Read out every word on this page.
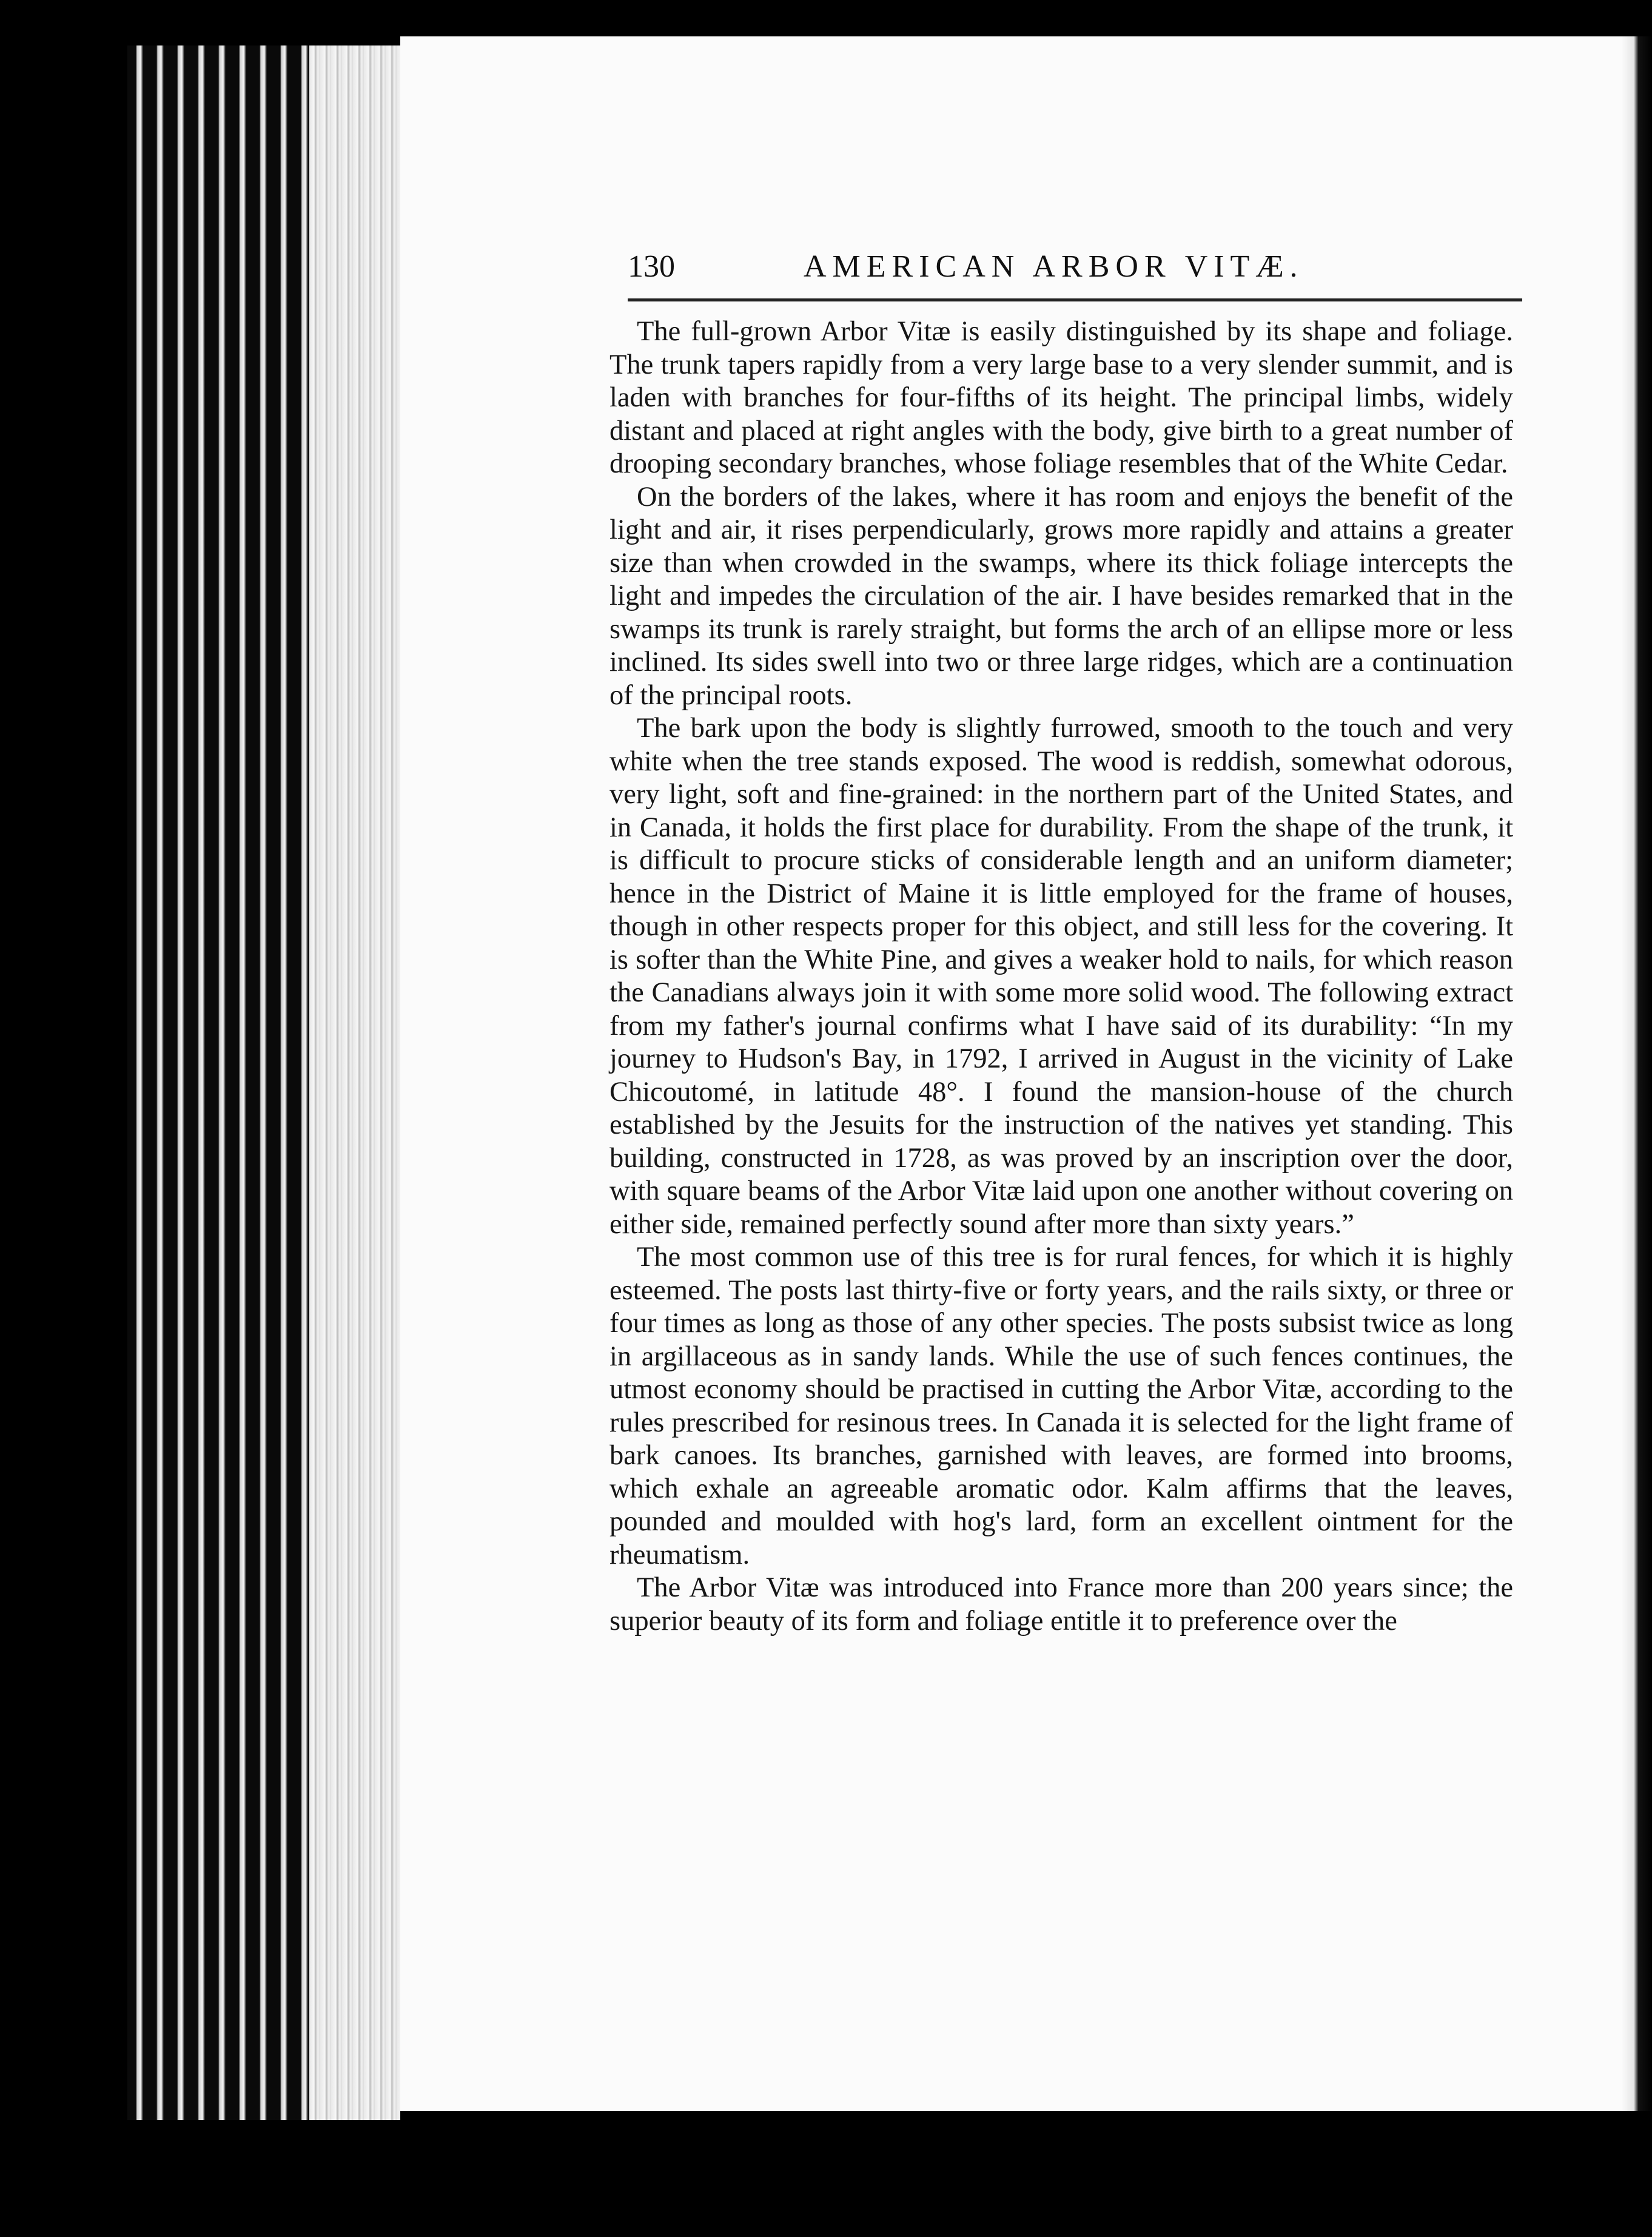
130	AMERICAN ARBOR VITÆ.

The full-grown Arbor Vitæ is easily distinguished by its shape and foliage. The trunk tapers rapidly from a very large base to a very slender summit, and is laden with branches for four-fifths of its height. The principal limbs, widely distant and placed at right angles with the body, give birth to a great number of drooping secondary branches, whose foliage resembles that of the White Cedar.

On the borders of the lakes, where it has room and enjoys the benefit of the light and air, it rises perpendicularly, grows more rapidly and attains a greater size than when crowded in the swamps, where its thick foliage intercepts the light and impedes the circulation of the air. I have besides remarked that in the swamps its trunk is rarely straight, but forms the arch of an ellipse more or less inclined. Its sides swell into two or three large ridges, which are a continuation of the principal roots.

The bark upon the body is slightly furrowed, smooth to the touch and very white when the tree stands exposed. The wood is reddish, somewhat odorous, very light, soft and fine-grained: in the northern part of the United States, and in Canada, it holds the first place for durability. From the shape of the trunk, it is difficult to procure sticks of considerable length and an uniform diameter; hence in the District of Maine it is little employed for the frame of houses, though in other respects proper for this object, and still less for the covering. It is softer than the White Pine, and gives a weaker hold to nails, for which reason the Canadians always join it with some more solid wood. The following extract from my father's journal confirms what I have said of its durability: “In my journey to Hudson's Bay, in 1792, I arrived in August in the vicinity of Lake Chicoutomé, in latitude 48°. I found the mansion-house of the church established by the Jesuits for the instruction of the natives yet standing. This building, constructed in 1728, as was proved by an inscription over the door, with square beams of the Arbor Vitæ laid upon one another without covering on either side, remained perfectly sound after more than sixty years.”

The most common use of this tree is for rural fences, for which it is highly esteemed. The posts last thirty-five or forty years, and the rails sixty, or three or four times as long as those of any other species. The posts subsist twice as long in argillaceous as in sandy lands. While the use of such fences continues, the utmost economy should be practised in cutting the Arbor Vitæ, according to the rules prescribed for resinous trees. In Canada it is selected for the light frame of bark canoes. Its branches, garnished with leaves, are formed into brooms, which exhale an agreeable aromatic odor. Kalm affirms that the leaves, pounded and moulded with hog's lard, form an excellent ointment for the rheumatism.

The Arbor Vitæ was introduced into France more than 200 years since; the superior beauty of its form and foliage entitle it to preference over the
